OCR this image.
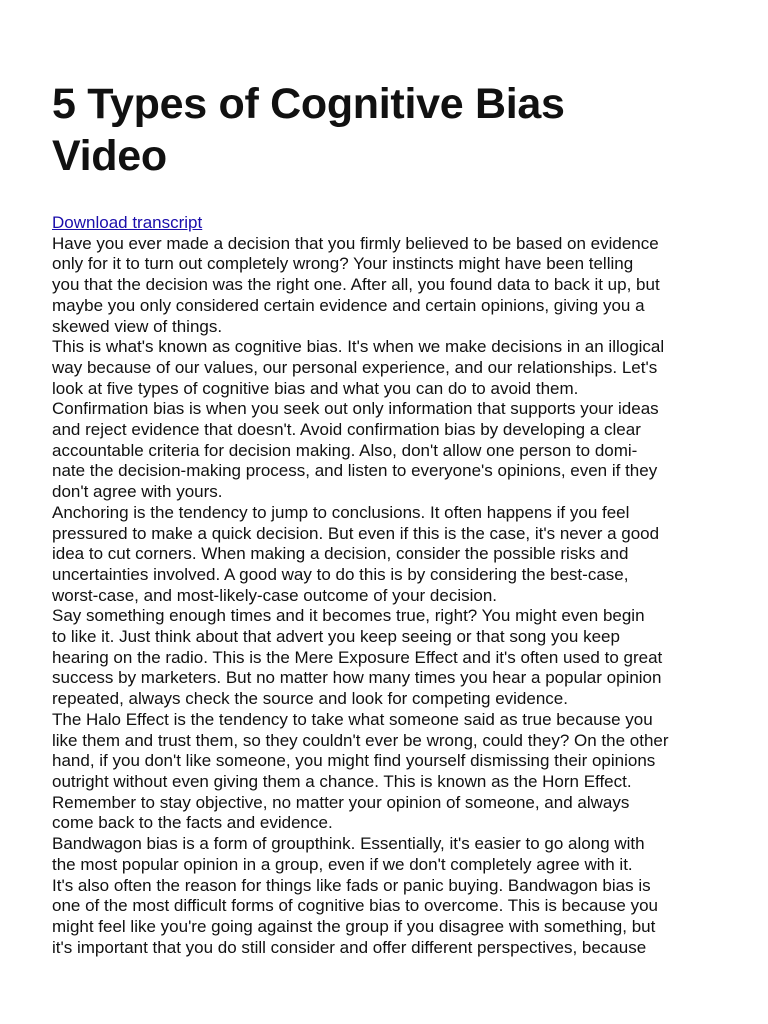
5 Types of Cognitive Bias
Video
Download transcript

Have you ever made a decision that you firmly believed to be based on evidence
only for it to turn out completely wrong? Your instincts might have been telling
you that the decision was the right one. After all, you found data to back it up, but
maybe you only considered certain evidence and certain opinions, giving you a
skewed view of things.

This is what's known as cognitive bias. It's when we make decisions in an illogical
way because of our values, our personal experience, and our relationships. Let's
look at five types of cognitive bias and what you can do to avoid them.

Confirmation bias is when you seek out only information that supports your ideas
and reject evidence that doesn't. Avoid confirmation bias by developing a clear
accountable criteria for decision making. Also, don't allow one person to domi-
nate the decision-making process, and listen to everyone's opinions, even if they
don't agree with yours.

Anchoring is the tendency to jump to conclusions. It often happens if you feel
pressured to make a quick decision. But even if this is the case, it's never a good
idea to cut corners. When making a decision, consider the possible risks and
uncertainties involved. A good way to do this is by considering the best-case,
worst-case, and most-likely-case outcome of your decision.

Say something enough times and it becomes true, right? You might even begin
to like it. Just think about that advert you keep seeing or that song you keep
hearing on the radio. This is the Mere Exposure Effect and it's often used to great
success by marketers. But no matter how many times you hear a popular opinion
repeated, always check the source and look for competing evidence.

The Halo Effect is the tendency to take what someone said as true because you
like them and trust them, so they couldn't ever be wrong, could they? On the other
hand, if you don't like someone, you might find yourself dismissing their opinions
outright without even giving them a chance. This is known as the Horn Effect.
Remember to stay objective, no matter your opinion of someone, and always
come back to the facts and evidence.

Bandwagon bias is a form of groupthink. Essentially, it's easier to go along with
the most popular opinion in a group, even if we don't completely agree with it.
It's also often the reason for things like fads or panic buying. Bandwagon bias is
one of the most difficult forms of cognitive bias to overcome. This is because you
might feel like you're going against the group if you disagree with something, but
it's important that you do still consider and offer different perspectives, because
